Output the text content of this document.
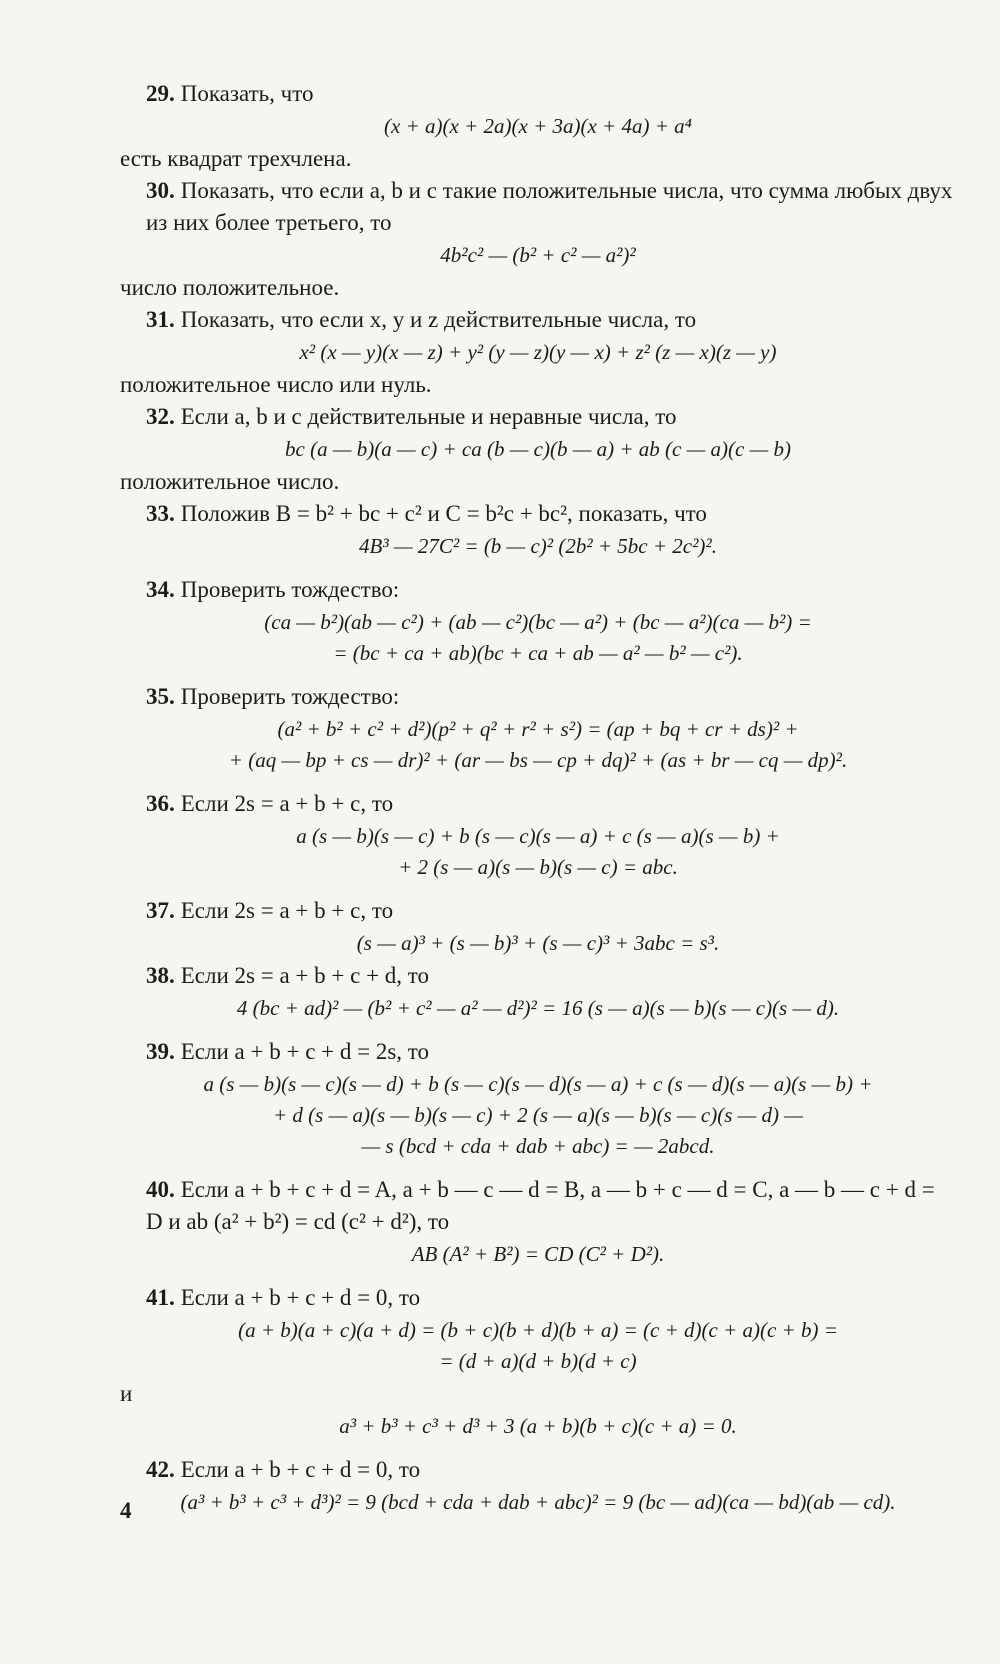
29. Показать, что

(x + a)(x + 2a)(x + 3a)(x + 4a) + a⁴

есть квадрат трехчлена.

30. Показать, что если a, b и c такие положительные числа, что сумма любых двух из них более третьего, то

4b²c² — (b² + c² — a²)²

число положительное.

31. Показать, что если x, y и z действительные числа, то

x² (x — y)(x — z) + y² (y — z)(y — x) + z² (z — x)(z — y)

положительное число или нуль.

32. Если a, b и c действительные и неравные числа, то

bc (a — b)(a — c) + ca (b — c)(b — a) + ab (c — a)(c — b)

положительное число.

33. Положив B = b² + bc + c² и C = b²c + bc², показать, что

4B³ — 27C² = (b — c)² (2b² + 5bc + 2c²)².

34. Проверить тождество:

(ca — b²)(ab — c²) + (ab — c²)(bc — a²) + (bc — a²)(ca — b²) =
= (bc + ca + ab)(bc + ca + ab — a² — b² — c²).

35. Проверить тождество:

(a² + b² + c² + d²)(p² + q² + r² + s²) = (ap + bq + cr + ds)² +
+ (aq — bp + cs — dr)² + (ar — bs — cp + dq)² + (as + br — cq — dp)².

36. Если 2s = a + b + c, то

a (s — b)(s — c) + b (s — c)(s — a) + c (s — a)(s — b) +
+ 2 (s — a)(s — b)(s — c) = abc.

37. Если 2s = a + b + c, то

(s — a)³ + (s — b)³ + (s — c)³ + 3abc = s³.

38. Если 2s = a + b + c + d, то

4 (bc + ad)² — (b² + c² — a² — d²)² = 16 (s — a)(s — b)(s — c)(s — d).

39. Если a + b + c + d = 2s, то

a (s — b)(s — c)(s — d) + b (s — c)(s — d)(s — a) + c (s — d)(s — a)(s — b) +
+ d (s — a)(s — b)(s — c) + 2 (s — a)(s — b)(s — c)(s — d) —
— s (bcd + cda + dab + abc) = — 2abcd.

40. Если a + b + c + d = A, a + b — c — d = B, a — b + c — d = C, a — b — c + d = D и ab (a² + b²) = cd (c² + d²), то

AB (A² + B²) = CD (C² + D²).

41. Если a + b + c + d = 0, то

(a + b)(a + c)(a + d) = (b + c)(b + d)(b + a) = (c + d)(c + a)(c + b) =
= (d + a)(d + b)(d + c)

и

a³ + b³ + c³ + d³ + 3 (a + b)(b + c)(c + a) = 0.

42. Если a + b + c + d = 0, то

(a³ + b³ + c³ + d³)² = 9 (bcd + cda + dab + abc)² = 9 (bc — ad)(ca — bd)(ab — cd).
4
